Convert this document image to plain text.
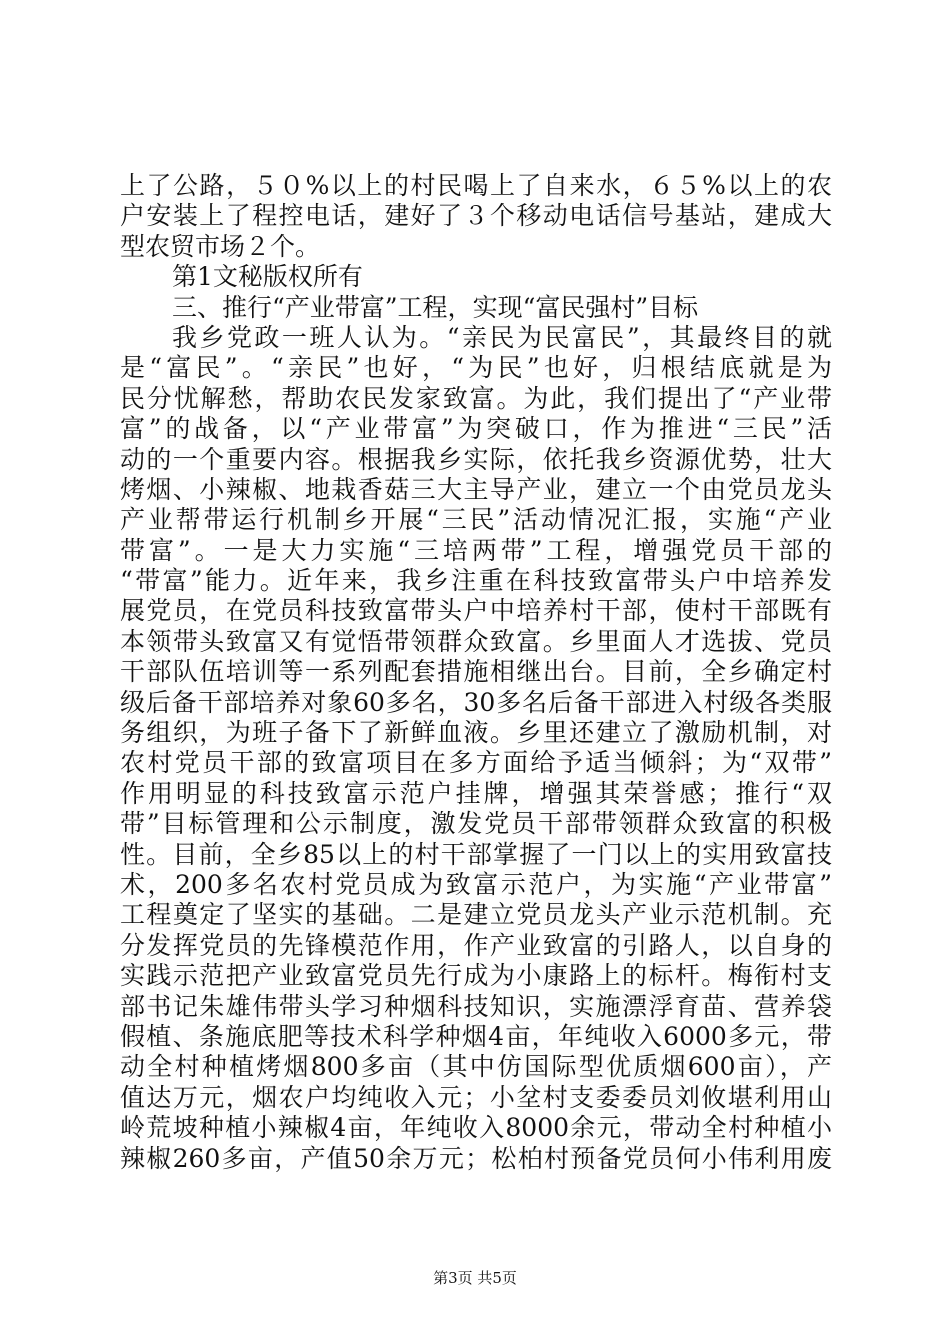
上了公路，５０%以上的村民喝上了自来水，６５%以上的农
户安装上了程控电话，建好了３个移动电话信号基站，建成大
型农贸市场２个。
第1文秘版权所有
三、推行“产业带富”工程，实现“富民强村”目标
我乡党政一班人认为。“亲民为民富民”，其最终目的就
是“富民”。“亲民”也好，“为民”也好，归根结底就是为
民分忧解愁，帮助农民发家致富。为此，我们提出了“产业带
富”的战备，以“产业带富”为突破口，作为推进“三民”活
动的一个重要内容。根据我乡实际，依托我乡资源优势，壮大
烤烟、小辣椒、地栽香菇三大主导产业，建立一个由党员龙头
产业帮带运行机制乡开展“三民”活动情况汇报，实施“产业
带富”。一是大力实施“三培两带”工程，增强党员干部的
“带富”能力。近年来，我乡注重在科技致富带头户中培养发
展党员，在党员科技致富带头户中培养村干部，使村干部既有
本领带头致富又有觉悟带领群众致富。乡里面人才选拔、党员
干部队伍培训等一系列配套措施相继出台。目前，全乡确定村
级后备干部培养对象60多名，30多名后备干部进入村级各类服
务组织，为班子备下了新鲜血液。乡里还建立了激励机制，对
农村党员干部的致富项目在多方面给予适当倾斜；为“双带”
作用明显的科技致富示范户挂牌，增强其荣誉感；推行“双
带”目标管理和公示制度，激发党员干部带领群众致富的积极
性。目前，全乡85以上的村干部掌握了一门以上的实用致富技
术，200多名农村党员成为致富示范户，为实施“产业带富”
工程奠定了坚实的基础。二是建立党员龙头产业示范机制。充
分发挥党员的先锋模范作用，作产业致富的引路人，以自身的
实践示范把产业致富党员先行成为小康路上的标杆。梅衔村支
部书记朱雄伟带头学习种烟科技知识，实施漂浮育苗、营养袋
假植、条施底肥等技术科学种烟4亩，年纯收入6000多元，带
动全村种植烤烟800多亩（其中仿国际型优质烟600亩），产
值达万元，烟农户均纯收入元；小坌村支委委员刘攸堪利用山
岭荒坡种植小辣椒4亩，年纯收入8000余元，带动全村种植小
辣椒260多亩，产值50余万元；松柏村预备党员何小伟利用废
第3页 共5页
